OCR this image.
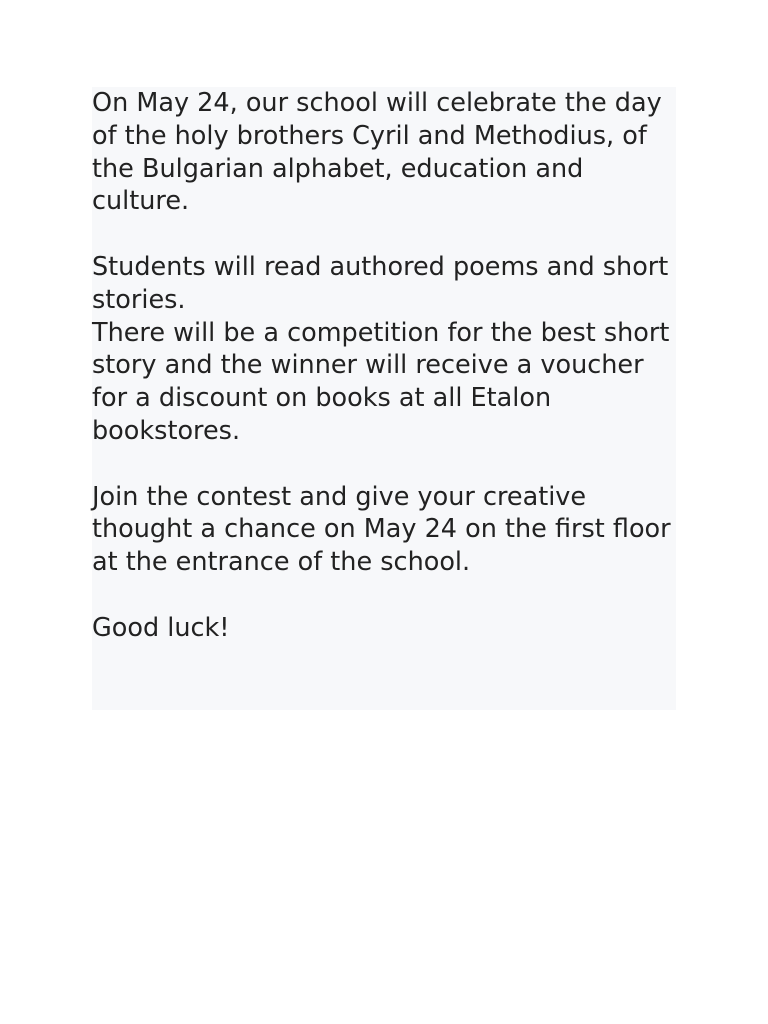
On May 24, our school will celebrate the day of the holy brothers Cyril and Methodius, of the Bulgarian alphabet, education and culture.

Students will read authored poems and short stories.

There will be a competition for the best short story and the winner will receive a voucher for a discount on books at all Etalon bookstores.

Join the contest and give your creative thought a chance on May 24 on the first floor at the entrance of the school.

Good luck!
